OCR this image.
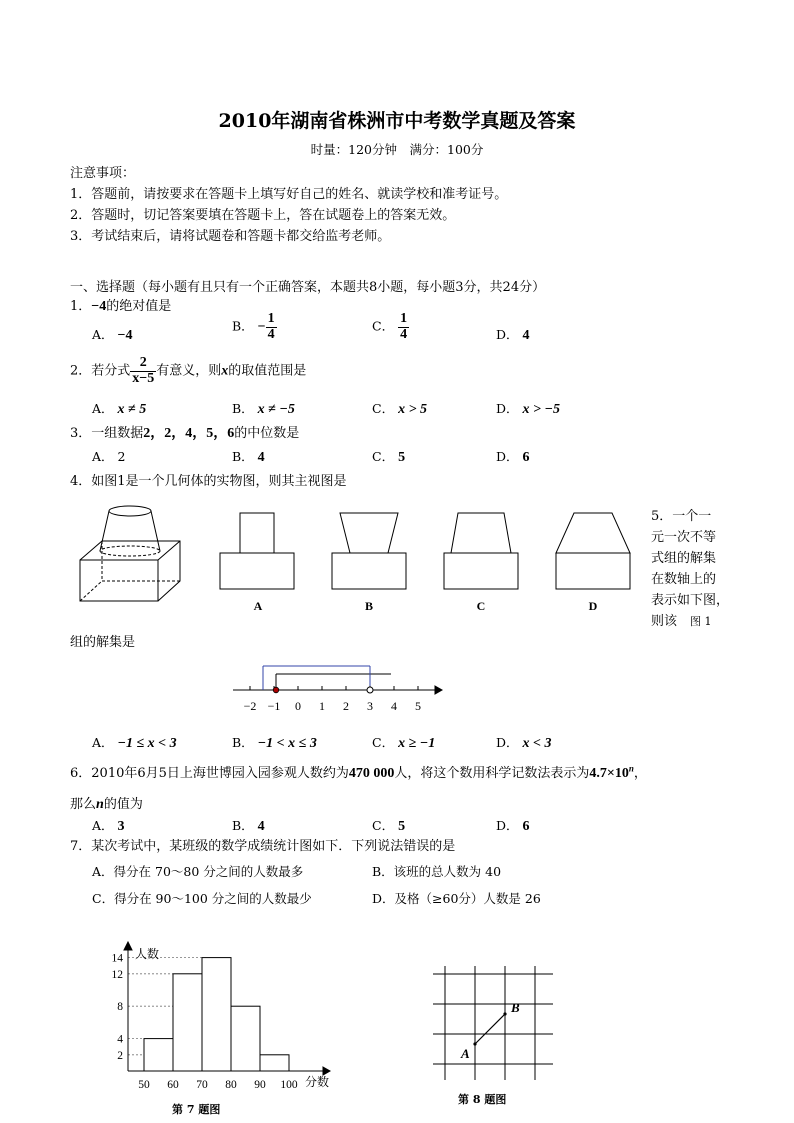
2010年湖南省株洲市中考数学真题及答案
时量：120分钟　满分：100分
注意事项：
1．答题前，请按要求在答题卡上填写好自己的姓名、就读学校和准考证号。
2．答题时，切记答案要填在答题卡上，答在试题卷上的答案无效。
3．考试结束后，请将试题卷和答题卡都交给监考老师。
一、选择题（每小题有且只有一个正确答案，本题共8小题，每小题3分，共24分）
1．−4的绝对值是
A． −4
B． − $\frac{1}{4}$	C． $\frac{1}{4}$	D． 4
2．若分式 $\frac{2}{x-5}$ 有意义，则x的取值范围是
A． x ≠ 5	B． x ≠ −5	C． x > 5	D． x > −5
3．一组数据2，2，4，5，6的中位数是
A． 2	B． 4	C． 5	D． 6
4．如图1是一个几何体的实物图，则其主视图是
A	B	C	D
5．一个一
元一次不等
式组的解集
在数轴上的
表示如下图，
则该　 图 1
组的解集是
−2 −1 0 1 2 3 4 5
A． −1 ≤ x < 3	B． −1 < x ≤ 3	C． x ≥ −1	D． x < 3
6．2010年6月5日上海世博园入园参观人数约为470 000人，将这个数用科学记数法表示为$4.7\times 10^n$，
那么n的值为
A． 3	B． 4	C． 5	D． 6
7．某次考试中，某班级的数学成绩统计图如下．下列说法错误的是
A．得分在 70～80 分之间的人数最多	B．该班的总人数为 40
C．得分在 90～100 分之间的人数最少	D．及格（≥60分）人数是 26
2
4
8
12
14
50 60 70 80 90 100
人数
分数
第 7 题图
A
B
第 8 题图
